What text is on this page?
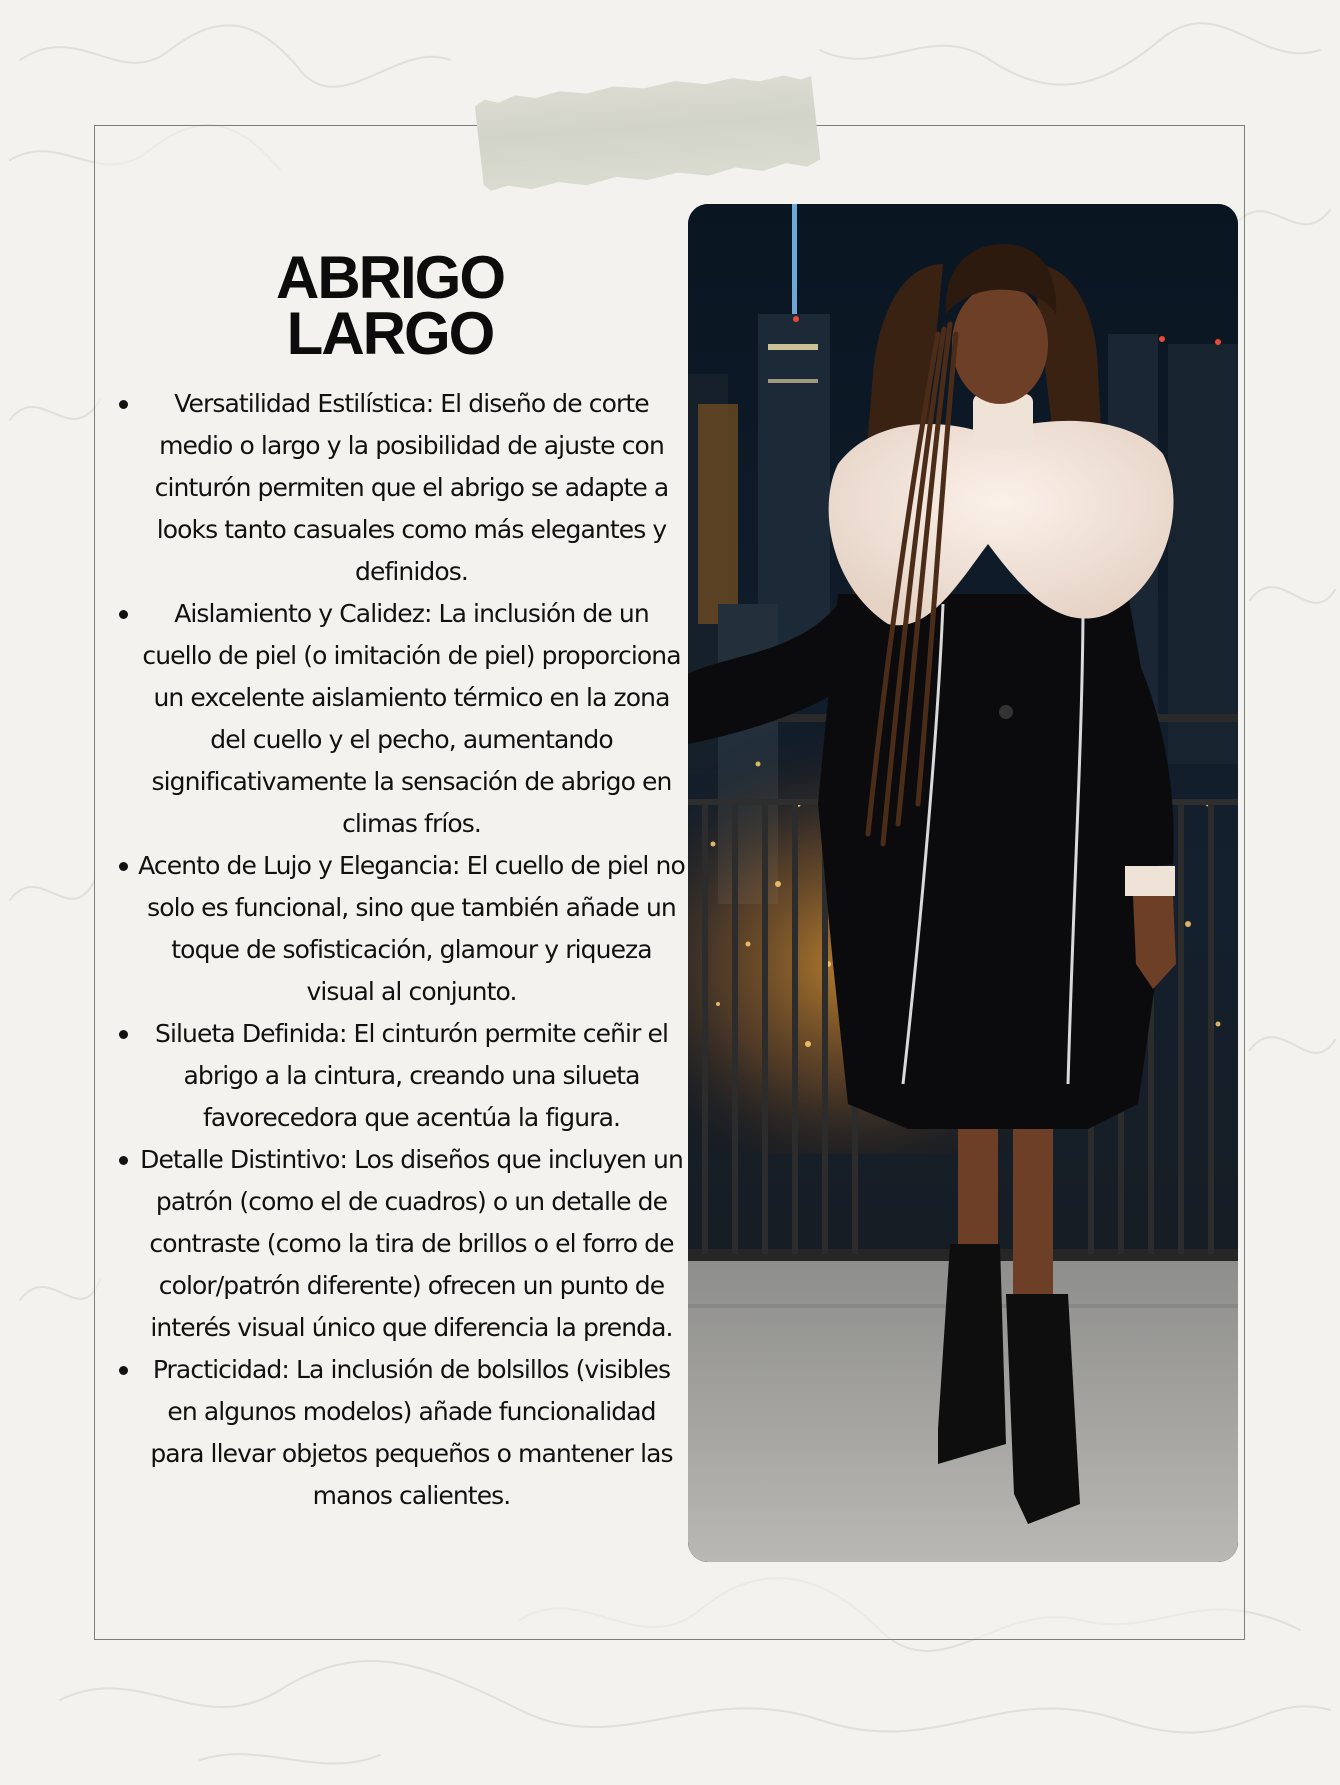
ABRIGO
LARGO
Versatilidad Estilística: El diseño de corte medio o largo y la posibilidad de ajuste con cinturón permiten que el abrigo se adapte a looks tanto casuales como más elegantes y definidos.
Aislamiento y Calidez: La inclusión de un cuello de piel (o imitación de piel) proporciona un excelente aislamiento térmico en la zona del cuello y el pecho, aumentando significativamente la sensación de abrigo en climas fríos.
Acento de Lujo y Elegancia: El cuello de piel no solo es funcional, sino que también añade un toque de sofisticación, glamour y riqueza visual al conjunto.
Silueta Definida: El cinturón permite ceñir el abrigo a la cintura, creando una silueta favorecedora que acentúa la figura.
Detalle Distintivo: Los diseños que incluyen un patrón (como el de cuadros) o un detalle de contraste (como la tira de brillos o el forro de color/patrón diferente) ofrecen un punto de interés visual único que diferencia la prenda.
Practicidad: La inclusión de bolsillos (visibles en algunos modelos) añade funcionalidad para llevar objetos pequeños o mantener las manos calientes.
